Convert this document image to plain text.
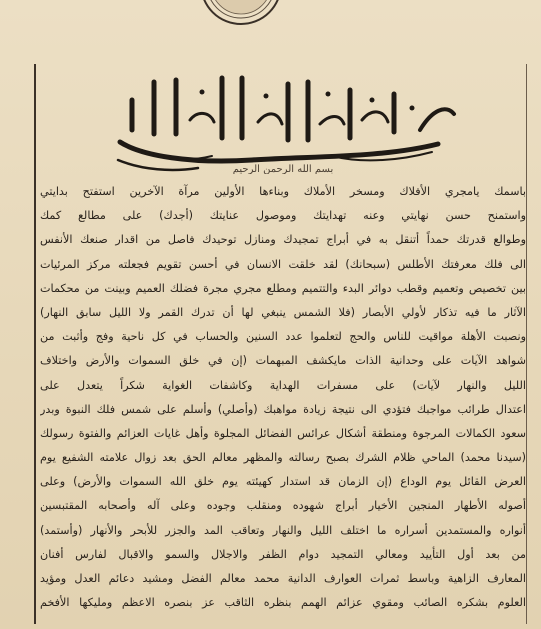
بسم الله الرحمن الرحيم
باسمك يامجري الأفلاك ومسخر الأملاك وبناءها الأولين مرآة الآخرين استفتح بدايتي
واستمنح حسن نهايتي وعنه تهدايتك وموصول عنايتك (أجدك) على مطالع كمك
وطوالع قدرتك حمداً أتنقل به في أبراج تمجيدك ومنازل توحيدك فاصل من اقدار صنعك الأنفس
الى فلك معرفتك الأطلس (سبحانك) لقد خلقت الانسان في أحسن تقويم فجعلته مركز المرئيات
بين تخصيص وتعميم وقطب دوائر البدء والتتميم ومطلع مجري مجرة فضلك العميم وبينت من محكمات
الآثار ما فيه تذكار لأولي الأبصار (فلا الشمس ينبغي لها أن تدرك القمر ولا الليل سابق النهار)
ونصبت الأهلة مواقيت للناس والحج لتعلموا عدد السنين والحساب في كل ناحية وفج وأثبت من
شواهد الآيات على وحدانية الذات مايكشف المبهمات (إن في خلق السموات والأرض واختلاف
الليل والنهار لآيات) على مسفرات الهداية وكاشفات الغواية شكراً يتعدل على
اعتدال طرائب مواجبك فتؤدي الى نتيجة زيادة مواهبك (وأصلي) وأسلم على شمس فلك النبوة وبدر
سعود الكمالات المرجوة ومنطقة أشكال عرائس الفضائل المجلوة وأهل غايات العزائم والفتوة رسولك
(سيدنا محمد) الماحي ظلام الشرك بصبح رسالته والمظهر معالم الحق بعد زوال علامته الشفيع يوم
العرض القائل يوم الوداع (إن الزمان قد استدار كهيئته يوم خلق الله السموات والأرض) وعلى
أصوله الأطهار المنجين الأخيار أبراج شهوده ومنقلب وجوده وعلى آله وأصحابه المقتبسين
أنواره والمستمدين أسراره ما اختلف الليل والنهار وتعاقب المد والجزر للأبحر والأنهار (وأستمد)
من بعد أول التأييد ومعالي التمجيد دوام الظفر والاجلال والسمو والاقبال لفارس أفنان
المعارف الزاهية وباسط ثمرات العوارف الدانية محمد معالم الفضل ومشيد دعائم العدل ومؤيد
العلوم بشكره الصائب ومقوي عزائم الهمم بنظره الثاقب عز بنصره الاعظم ومليكها الأفخم
